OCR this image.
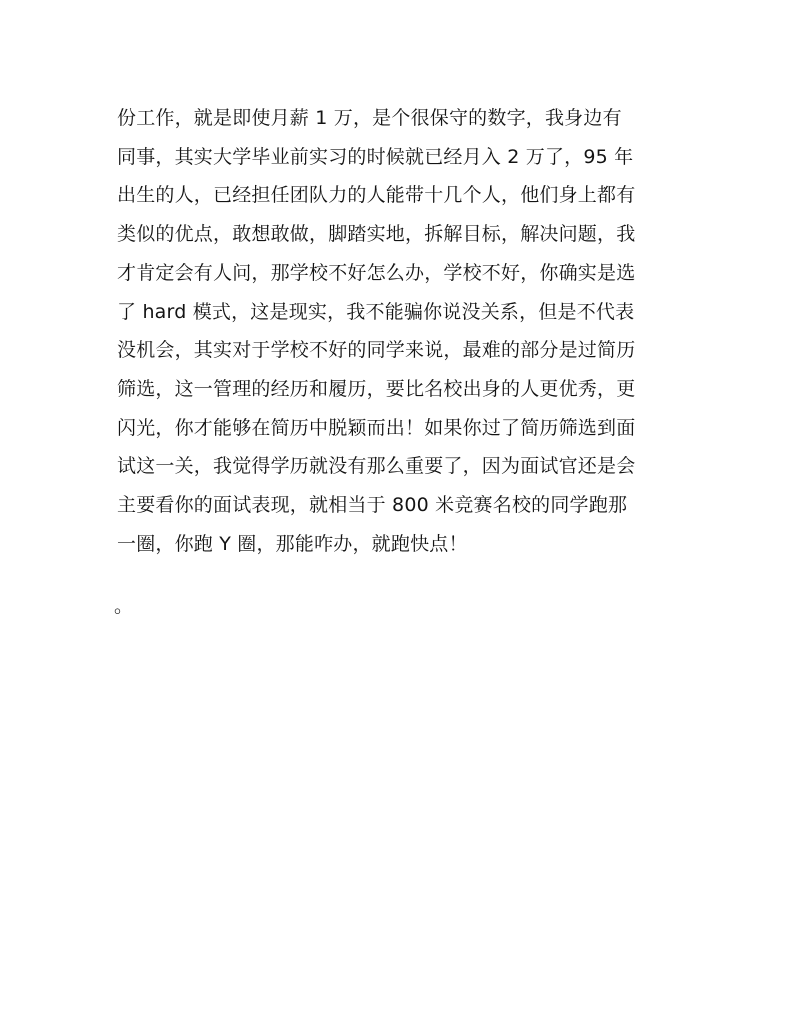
份工作，就是即使月薪 1 万，是个很保守的数字，我身边有
同事，其实大学毕业前实习的时候就已经月入 2 万了，95 年
出生的人，已经担任团队力的人能带十几个人，他们身上都有
类似的优点，敢想敢做，脚踏实地，拆解目标，解决问题，我
才肯定会有人问，那学校不好怎么办，学校不好，你确实是选
了 hard 模式，这是现实，我不能骗你说没关系，但是不代表
没机会，其实对于学校不好的同学来说，最难的部分是过简历
筛选，这一管理的经历和履历，要比名校出身的人更优秀，更
闪光，你才能够在简历中脱颖而出！如果你过了简历筛选到面
试这一关，我觉得学历就没有那么重要了，因为面试官还是会
主要看你的面试表现，就相当于 800 米竞赛名校的同学跑那
一圈，你跑 Y 圈，那能咋办，就跑快点！

。
